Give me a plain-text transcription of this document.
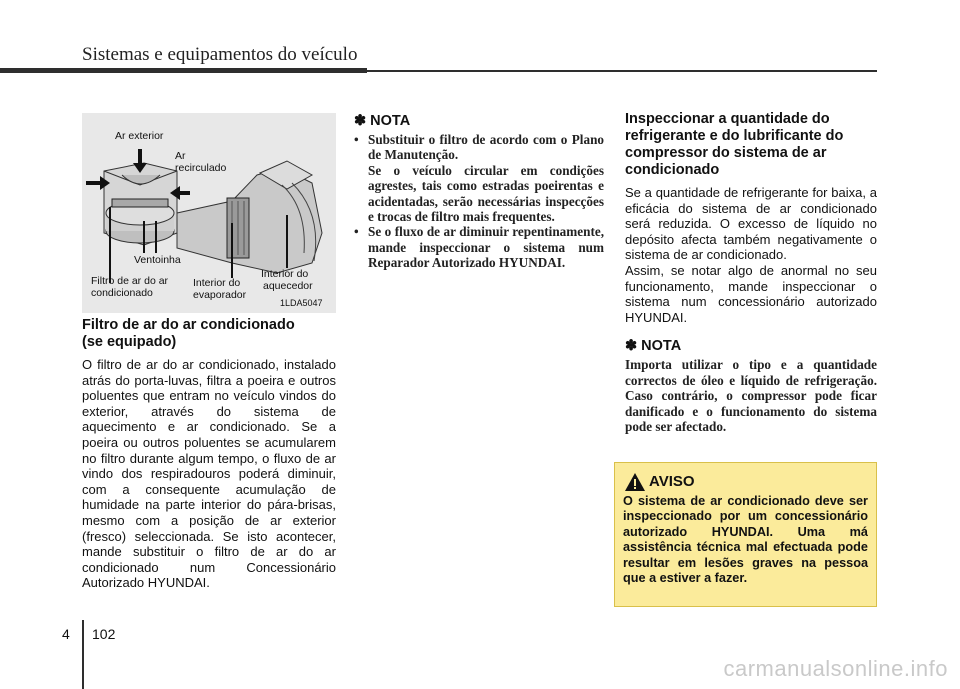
Sistemas e equipamentos do veículo
Ar exterior
Ar
recirculado
Ventoinha
Filtro de ar do ar
condicionado
Interior do
evaporador
Interior do
aquecedor
1LDA5047
Filtro de ar do ar condicionado
(se equipado)
O filtro de ar do ar condicionado, instalado atrás do porta-luvas, filtra a poeira e outros poluentes que entram no veículo vindos do exterior, através do sistema de aquecimento e ar condicionado. Se a poeira ou outros poluentes se acumularem no filtro durante algum tempo, o fluxo de ar vindo dos respiradouros poderá diminuir, com a consequente acumulação de humidade na parte interior do pára-brisas, mesmo com a posição de ar exterior (fresco) seleccionada. Se isto acontecer, mande substituir o filtro de ar do ar condicionado num Concessionário Autorizado HYUNDAI.
✽ NOTA
• Substituir o filtro de acordo com o Plano de Manutenção.
Se o veículo circular em condições agrestes, tais como estradas poeirentas e acidentadas, serão necessárias inspecções e trocas de filtro mais frequentes.
• Se o fluxo de ar diminuir repentinamente, mande inspeccionar o sistema num Reparador Autorizado HYUNDAI.
Inspeccionar a quantidade do refrigerante e do lubrificante do compressor do sistema de ar condicionado
Se a quantidade de refrigerante for baixa, a eficácia do sistema de ar condicionado será reduzida. O excesso de líquido no depósito afecta também negativamente o sistema de ar condicionado.
Assim, se notar algo de anormal no seu funcionamento, mande inspeccionar o sistema num concessionário autorizado HYUNDAI.
✽ NOTA
Importa utilizar o tipo e a quantidade correctos de óleo e líquido de refrigeração. Caso contrário, o compressor pode ficar danificado e o funcionamento do sistema pode ser afectado.
AVISO
O sistema de ar condicionado deve ser inspeccionado por um concessionário autorizado HYUNDAI. Uma má assistência técnica mal efectuada pode resultar em lesões graves na pessoa que a estiver a fazer.
4 102
carmanualsonline.info
